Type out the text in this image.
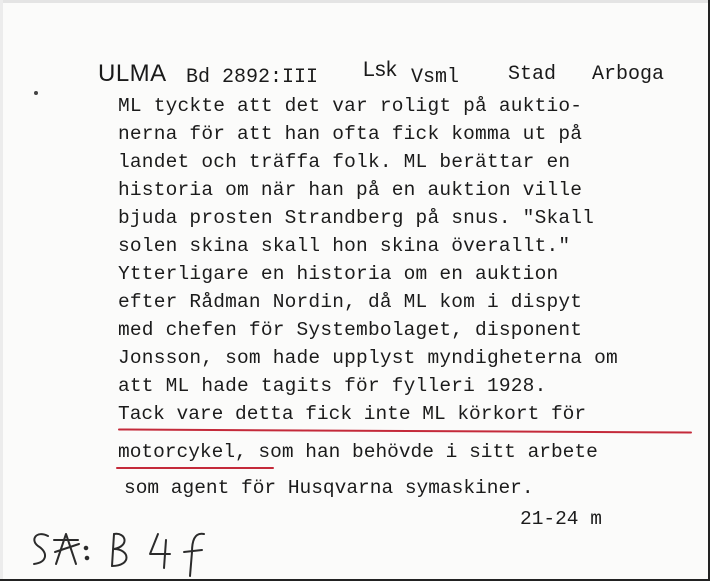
ULMA Bd 2892:III Lsk Vsml Stad Arboga
ML tyckte att det var roligt på auktio-
nerna för att han ofta fick komma ut på
landet och träffa folk. ML berättar en
historia om när han på en auktion ville
bjuda prosten Strandberg på snus. "Skall
solen skina skall hon skina överallt."
Ytterligare en historia om en auktion
efter Rådman Nordin, då ML kom i dispyt
med chefen för Systembolaget, disponent
Jonsson, som hade upplyst myndigheterna om
att ML hade tagits för fylleri 1928.
Tack vare detta fick inte ML körkort för
motorcykel, som han behövde i sitt arbete
som agent för Husqvarna symaskiner.
21-24 m
